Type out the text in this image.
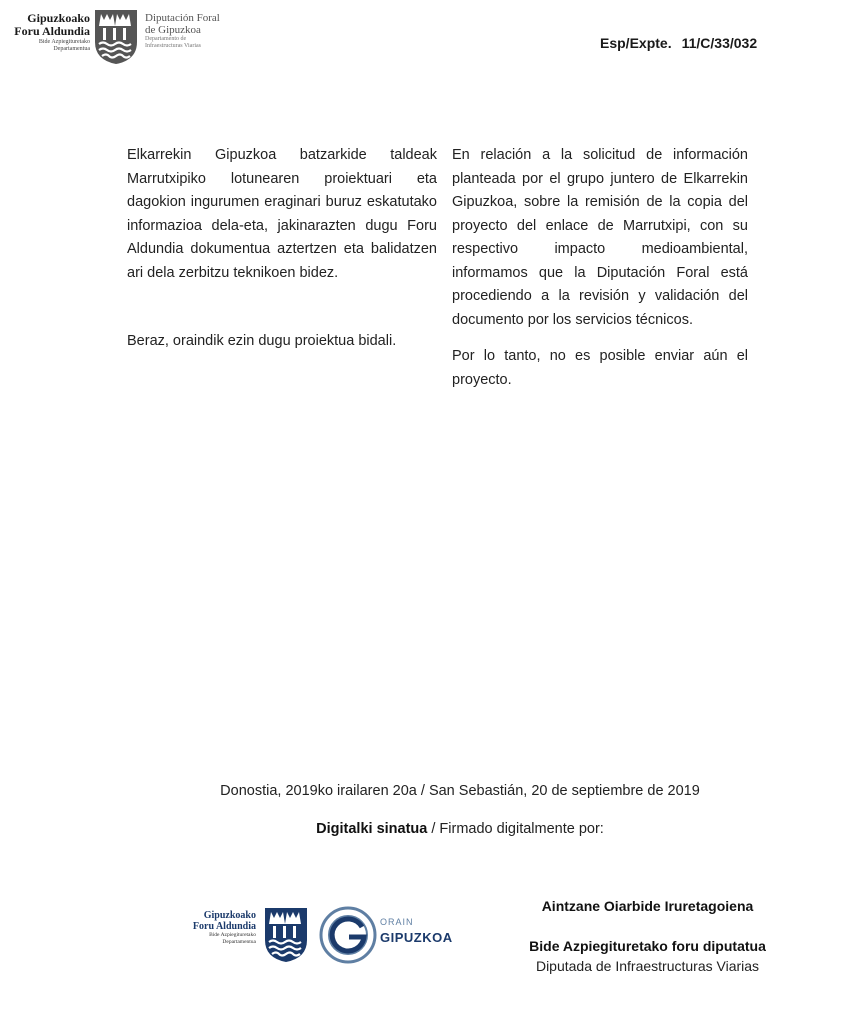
Gipuzkoako
Foru Aldundia
Bide Azpiegituretako
Departamentua
Diputación Foral
de Gipuzkoa
Departamento de
Infraestructuras Viarias	Esp/Expte. 11/C/33/032

Elkarrekin Gipuzkoa batzarkide taldeak Marrutxipiko lotunearen proiektuari eta dagokion ingurumen eraginari buruz eskatutako informazioa dela-eta, jakinarazten dugu Foru Aldundia dokumentua aztertzen eta balidatzen ari dela zerbitzu teknikoen bidez.

Beraz, oraindik ezin dugu proiektua bidali.

En relación a la solicitud de información planteada por el grupo juntero de Elkarrekin Gipuzkoa, sobre la remisión de la copia del proyecto del enlace de Marrutxipi, con su respectivo impacto medioambiental, informamos que la Diputación Foral está procediendo a la revisión y validación del documento por los servicios técnicos.

Por lo tanto, no es posible enviar aún el proyecto.

Donostia, 2019ko irailaren 20a / San Sebastián, 20 de septiembre de 2019
Digitalki sinatua / Firmado digitalmente por:
Gipuzkoako
Foru Aldundia
Bide Azpiegituretako
Departamentua
ORAIN
GIPUZKOA
Aintzane Oiarbide Iruretagoiena
Bide Azpiegituretako foru diputatua
Diputada de Infraestructuras Viarias
